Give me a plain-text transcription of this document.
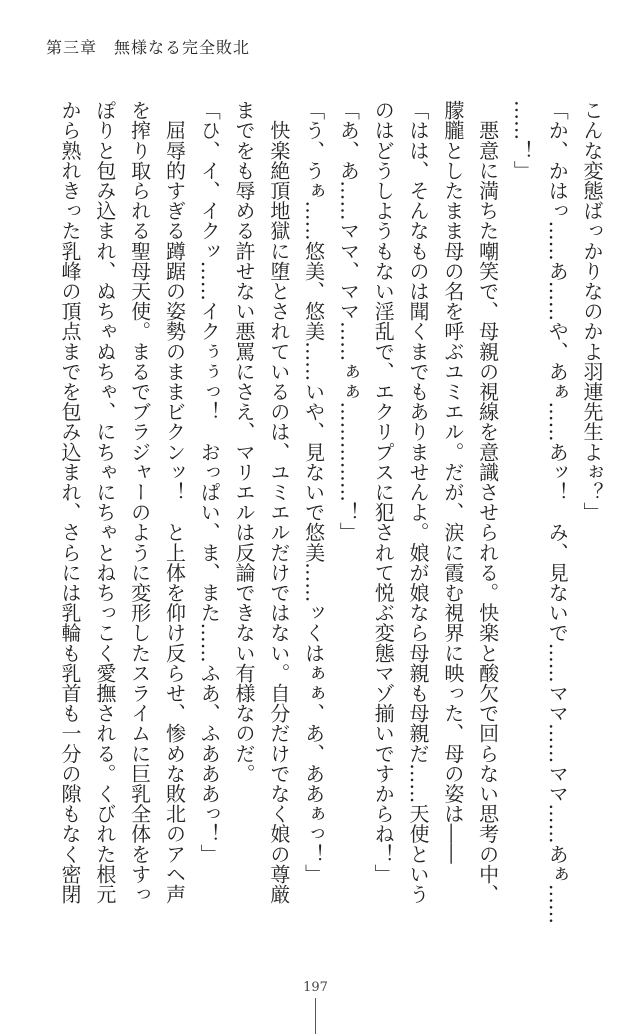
第三章　無様なる完全敗北
こんな変態ばっかりなのかよ羽連先生よぉ？」
「か、かはっ……あ……や、あぁ……あッ！　み、見ないで……ママ……ママ……あぁ……
……！」
　悪意に満ちた嘲笑で、母親の視線を意識させられる。快楽と酸欠で回らない思考の中、
朦朧としたまま母の名を呼ぶユミエル。だが、涙に霞む視界に映った、母の姿は――
「はは、そんなものは聞くまでもありませんよ。娘が娘なら母親も母親だ……天使という
のはどうしようもない淫乱で、エクリプスに犯されて悦ぶ変態マゾ揃いですからね！」
「あ、あ……ママ、ママ……ぁぁ……………！」
「う、うぁ……悠美、悠美……いや、見ないで悠美……ッくはぁぁ、あ、ああぁっ！」
　快楽絶頂地獄に堕とされているのは、ユミエルだけではない。自分だけでなく娘の尊厳
までをも辱める許せない悪罵にさえ、マリエルは反論できない有様なのだ。
「ひ、イ、イクッ……イクぅぅっ！　おっぱい、ま、また……ふあ、ふあああっ！」
　屈辱的すぎる蹲踞の姿勢のままビクンッ！　と上体を仰け反らせ、惨めな敗北のアヘ声
を搾り取られる聖母天使。まるでブラジャーのように変形したスライムに巨乳全体をすっ
ぽりと包み込まれ、ぬちゃぬちゃ、にちゃにちゃとねちっこく愛撫される。くびれた根元
から熟れきった乳峰の頂点までを包み込まれ、さらには乳輪も乳首も一分の隙もなく密閉
197
